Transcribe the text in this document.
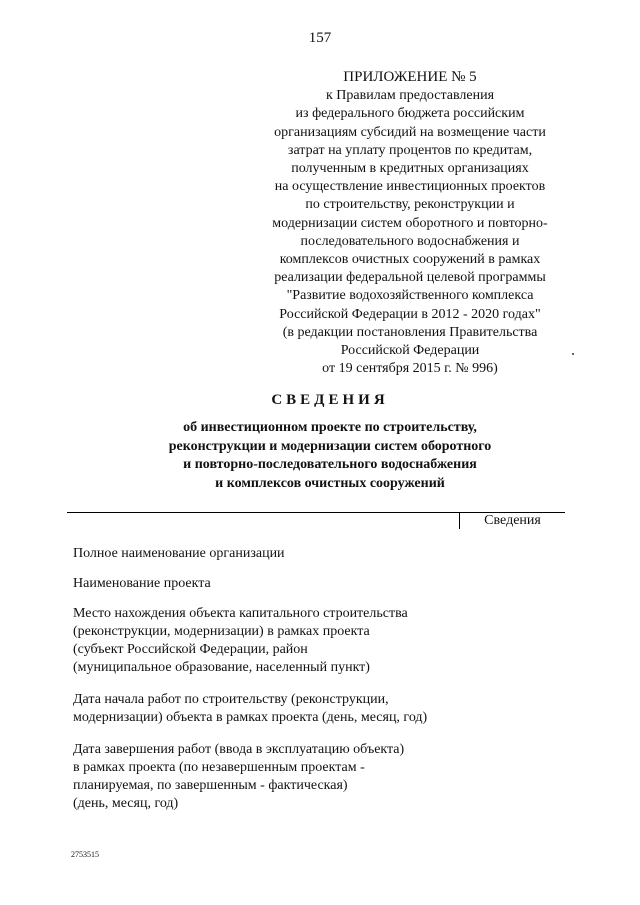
157
ПРИЛОЖЕНИЕ № 5
к Правилам предоставления
из федерального бюджета российским
организациям субсидий на возмещение части
затрат на уплату процентов по кредитам,
полученным в кредитных организациях
на осуществление инвестиционных проектов
по строительству, реконструкции и
модернизации систем оборотного и повторно-
последовательного водоснабжения и
комплексов очистных сооружений в рамках
реализации федеральной целевой программы
"Развитие водохозяйственного комплекса
Российской Федерации в 2012 - 2020 годах"
(в редакции постановления Правительства
Российской Федерации
от 19 сентября 2015 г. № 996)
СВЕДЕНИЯ
об инвестиционном проекте по строительству,
реконструкции и модернизации систем оборотного
и повторно-последовательного водоснабжения
и комплексов очистных сооружений
Сведения
Полное наименование организации
Наименование проекта
Место нахождения объекта капитального строительства
(реконструкции, модернизации) в рамках проекта
(субъект Российской Федерации, район
(муниципальное образование, населенный пункт)
Дата начала работ по строительству (реконструкции,
модернизации) объекта в рамках проекта (день, месяц, год)
Дата завершения работ (ввода в эксплуатацию объекта)
в рамках проекта (по незавершенным проектам -
планируемая, по завершенным - фактическая)
(день, месяц, год)
2753515
